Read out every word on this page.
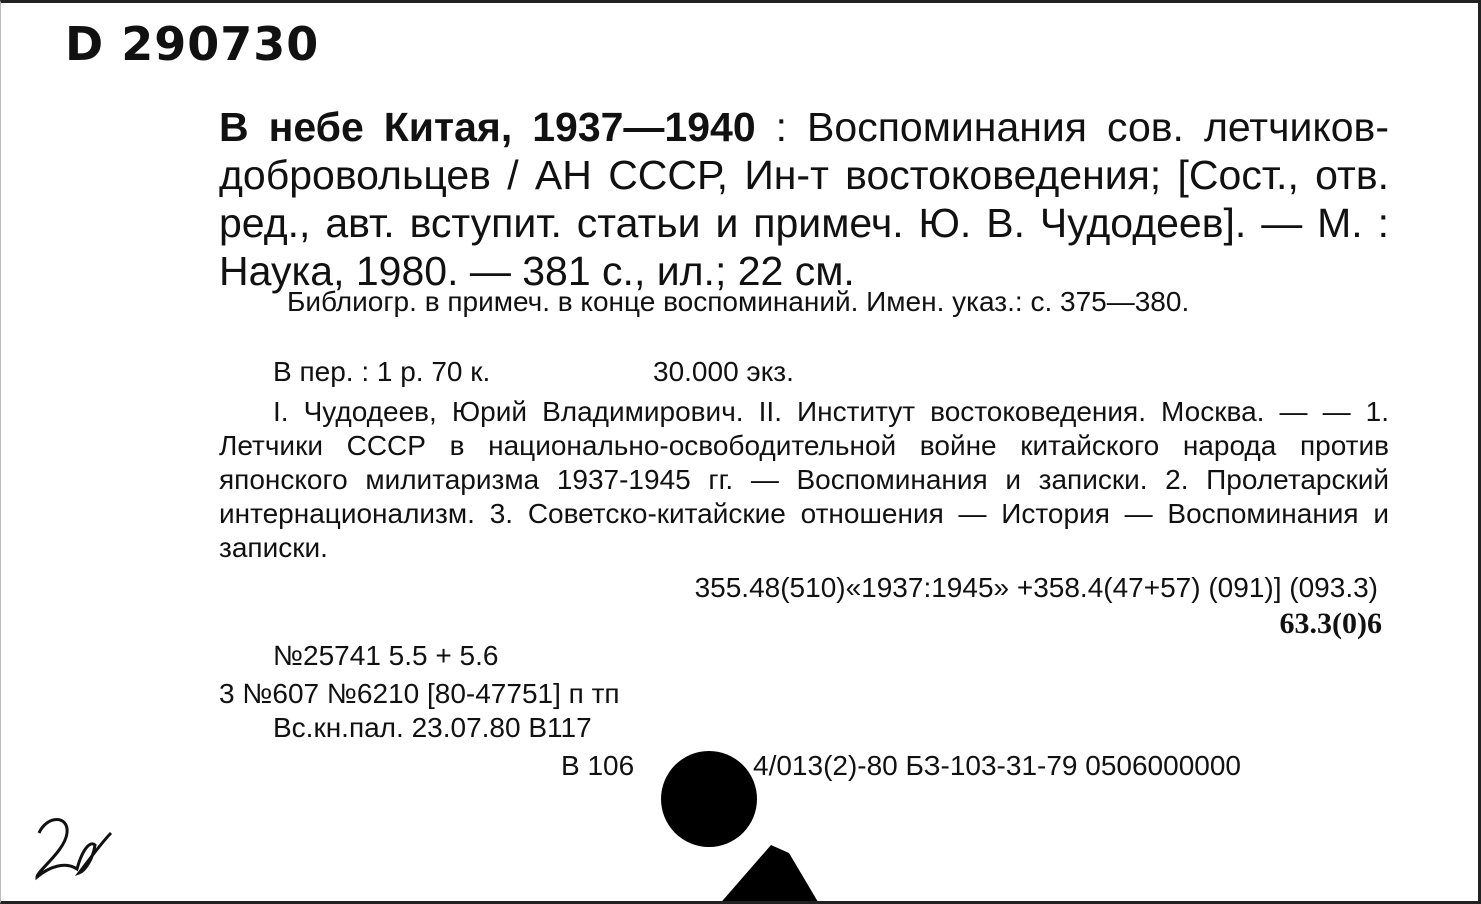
D 290730
В небе Китая, 1937—1940 : Воспоминания сов. летчиков-добровольцев / АН СССР, Ин-т востоковедения; [Сост., отв. ред., авт. вступит. статьи и примеч. Ю. В. Чудодеев]. — М. : Наука, 1980. — 381 с., ил.; 22 см.
Библиогр. в примеч. в конце воспоминаний. Имен. указ.: с. 375—380.
В пер. : 1 р. 70 к.	30.000 экз.
I. Чудодеев, Юрий Владимирович. II. Институт востоковедения. Москва. — — 1. Летчики СССР в национально-освободительной войне китайского народа против японского милитаризма 1937-1945 гг. — Воспоминания и записки. 2. Пролетарский интернационализм. 3. Советско-китайские отношения — История — Воспоминания и записки.
355.48(510)«1937:1945» +358.4(47+57) (091)] (093.3)
63.3(0)6
№25741 5.5 + 5.6
3 №607 №6210 [80-47751] п тп
Вс.кн.пал. 23.07.80 В117
В 106	4/013(2)-80 БЗ-103-31-79 0506000000
